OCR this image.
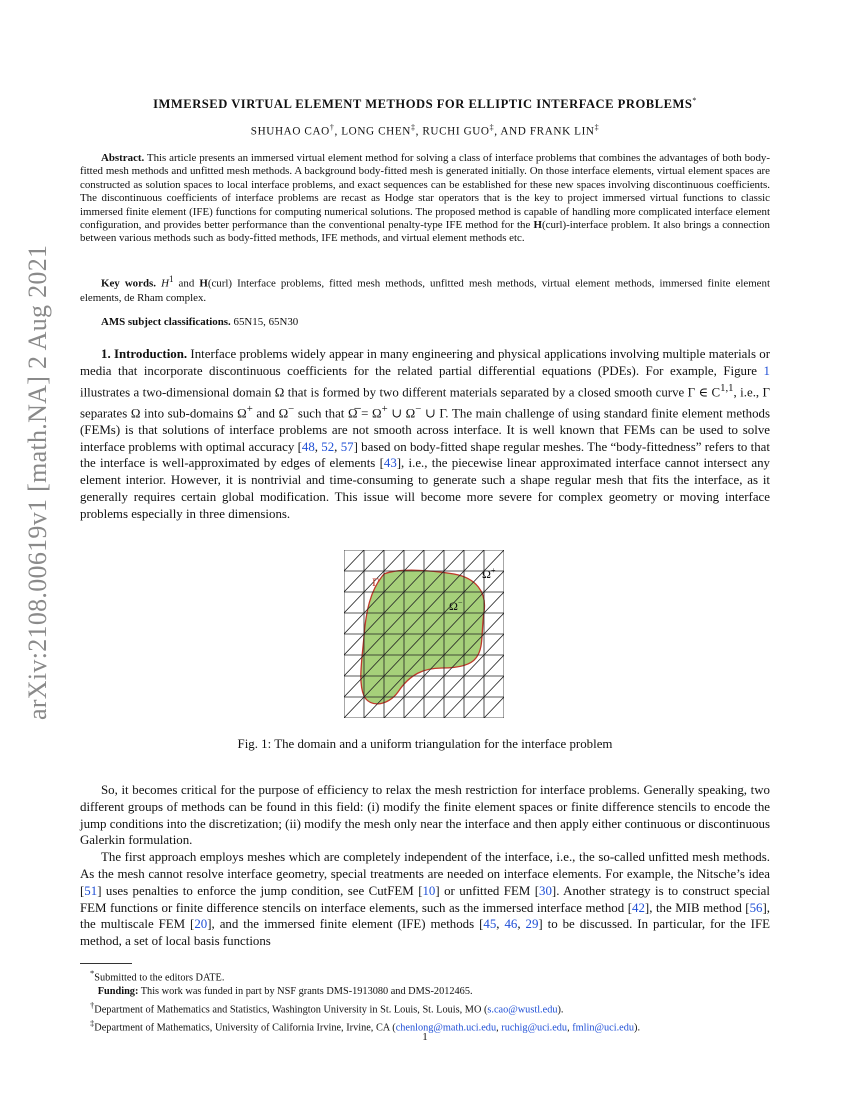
arXiv:2108.00619v1 [math.NA] 2 Aug 2021
IMMERSED VIRTUAL ELEMENT METHODS FOR ELLIPTIC INTERFACE PROBLEMS*
SHUHAO CAO†, LONG CHEN‡, RUCHI GUO‡, AND FRANK LIN‡
Abstract. This article presents an immersed virtual element method for solving a class of interface problems that combines the advantages of both body-fitted mesh methods and unfitted mesh methods. A background body-fitted mesh is generated initially. On those interface elements, virtual element spaces are constructed as solution spaces to local interface problems, and exact sequences can be established for these new spaces involving discontinuous coefficients. The discontinuous coefficients of interface problems are recast as Hodge star operators that is the key to project immersed virtual functions to classic immersed finite element (IFE) functions for computing numerical solutions. The proposed method is capable of handling more complicated interface element configuration, and provides better performance than the conventional penalty-type IFE method for the H(curl)-interface problem. It also brings a connection between various methods such as body-fitted methods, IFE methods, and virtual element methods etc.
Key words. $H^1$ and H(curl) Interface problems, fitted mesh methods, unfitted mesh methods, virtual element methods, immersed finite element elements, de Rham complex.
AMS subject classifications. 65N15, 65N30
1. Introduction. Interface problems widely appear in many engineering and physical applications involving multiple materials or media that incorporate discontinuous coefficients for the related partial differential equations (PDEs). For example, Figure 1 illustrates a two-dimensional domain Ω that is formed by two different materials separated by a closed smooth curve Γ ∈ C$^{1,1}$, i.e., Γ separates Ω into sub-domains Ω+ and Ω− such that Ω̅ = Ω+ ∪ Ω− ∪ Γ. The main challenge of using standard finite element methods (FEMs) is that solutions of interface problems are not smooth across interface. It is well known that FEMs can be used to solve interface problems with optimal accuracy [48, 52, 57] based on body-fitted shape regular meshes. The “body-fittedness” refers to that the interface is well-approximated by edges of elements [43], i.e., the piecewise linear approximated interface cannot intersect any element interior. However, it is nontrivial and time-consuming to generate such a shape regular mesh that fits the interface, as it generally requires certain global modification. This issue will become more severe for complex geometry or moving interface problems especially in three dimensions.
Γ
Ω +
Ω −
Fig. 1: The domain and a uniform triangulation for the interface problem

So, it becomes critical for the purpose of efficiency to relax the mesh restriction for interface problems. Generally speaking, two different groups of methods can be found in this field: (i) modify the finite element spaces or finite difference stencils to encode the jump conditions into the discretization; (ii) modify the mesh only near the interface and then apply either continuous or discontinuous Galerkin formulation.

The first approach employs meshes which are completely independent of the interface, i.e., the so-called unfitted mesh methods. As the mesh cannot resolve interface geometry, special treatments are needed on interface elements. For example, the Nitsche’s idea [51] uses penalties to enforce the jump condition, see CutFEM [10] or unfitted FEM [30]. Another strategy is to construct special FEM functions or finite difference stencils on interface elements, such as the immersed interface method [42], the MIB method [56], the multiscale FEM [20], and the immersed finite element (IFE) methods [45, 46, 29] to be discussed. In particular, for the IFE method, a set of local basis functions

*Submitted to the editors DATE.
Funding: This work was funded in part by NSF grants DMS-1913080 and DMS-2012465.
†Department of Mathematics and Statistics, Washington University in St. Louis, St. Louis, MO (s.cao@wustl.edu).
‡Department of Mathematics, University of California Irvine, Irvine, CA (chenlong@math.uci.edu, ruchig@uci.edu, fmlin@uci.edu).
1
